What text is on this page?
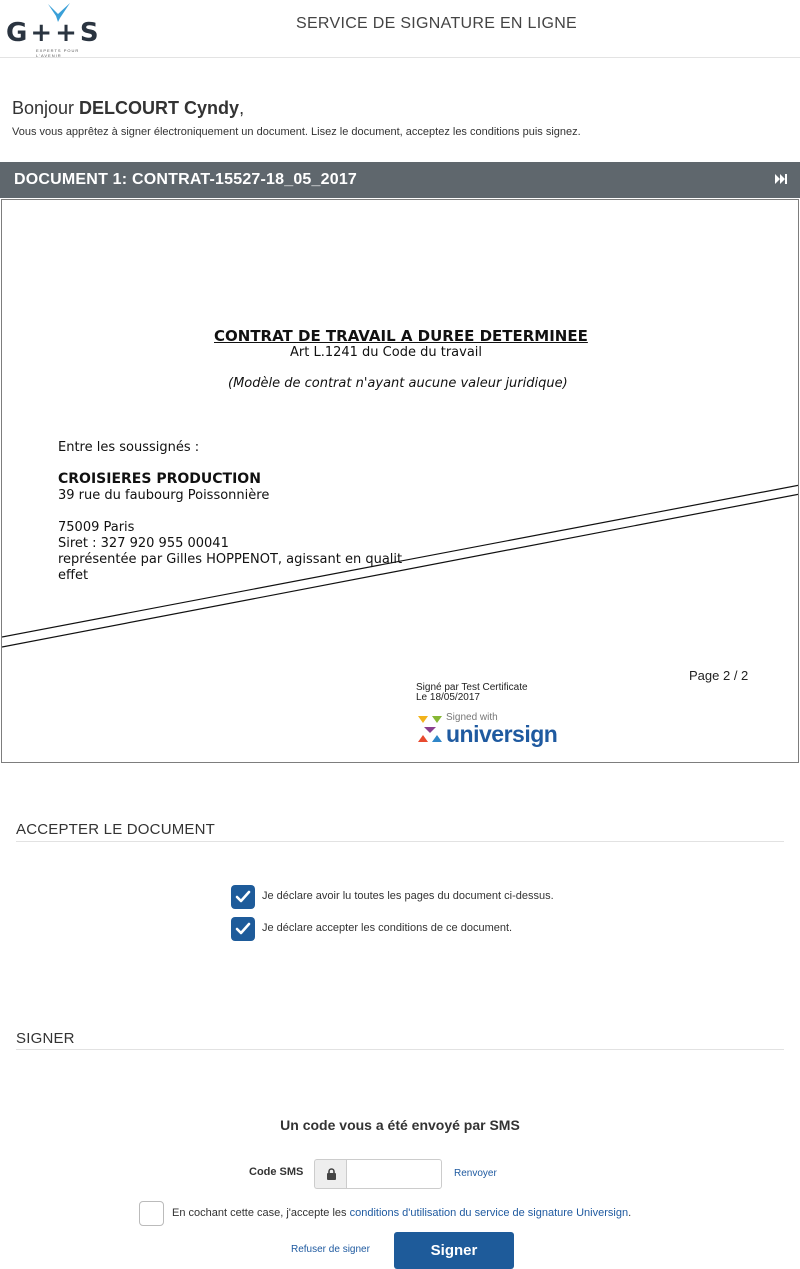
G++S
EXPERTS POUR L'AVENIR
SERVICE DE SIGNATURE EN LIGNE
Bonjour DELCOURT Cyndy,
Vous vous apprêtez à signer électroniquement un document. Lisez le document, acceptez les conditions puis signez.
DOCUMENT 1: CONTRAT-15527-18_05_2017
CONTRAT DE TRAVAIL A DUREE DETERMINEE
Art L.1241 du Code du travail
(Modèle de contrat n'ayant aucune valeur juridique)
Entre les soussignés :
CROISIERES PRODUCTION
39 rue du faubourg Poissonnière
75009 Paris
Siret : 327 920 955 00041
représentée par Gilles HOPPENOT, agissant en qualit
effet
Page 2 / 2
Signé par Test Certificate
Le 18/05/2017
Signed with
universign
ACCEPTER LE DOCUMENT
Je déclare avoir lu toutes les pages du document ci-dessus.
Je déclare accepter les conditions de ce document.
SIGNER
Un code vous a été envoyé par SMS
Code SMS	Renvoyer
En cochant cette case, j'accepte les conditions d'utilisation du service de signature Universign.
Refuser de signer	Signer
